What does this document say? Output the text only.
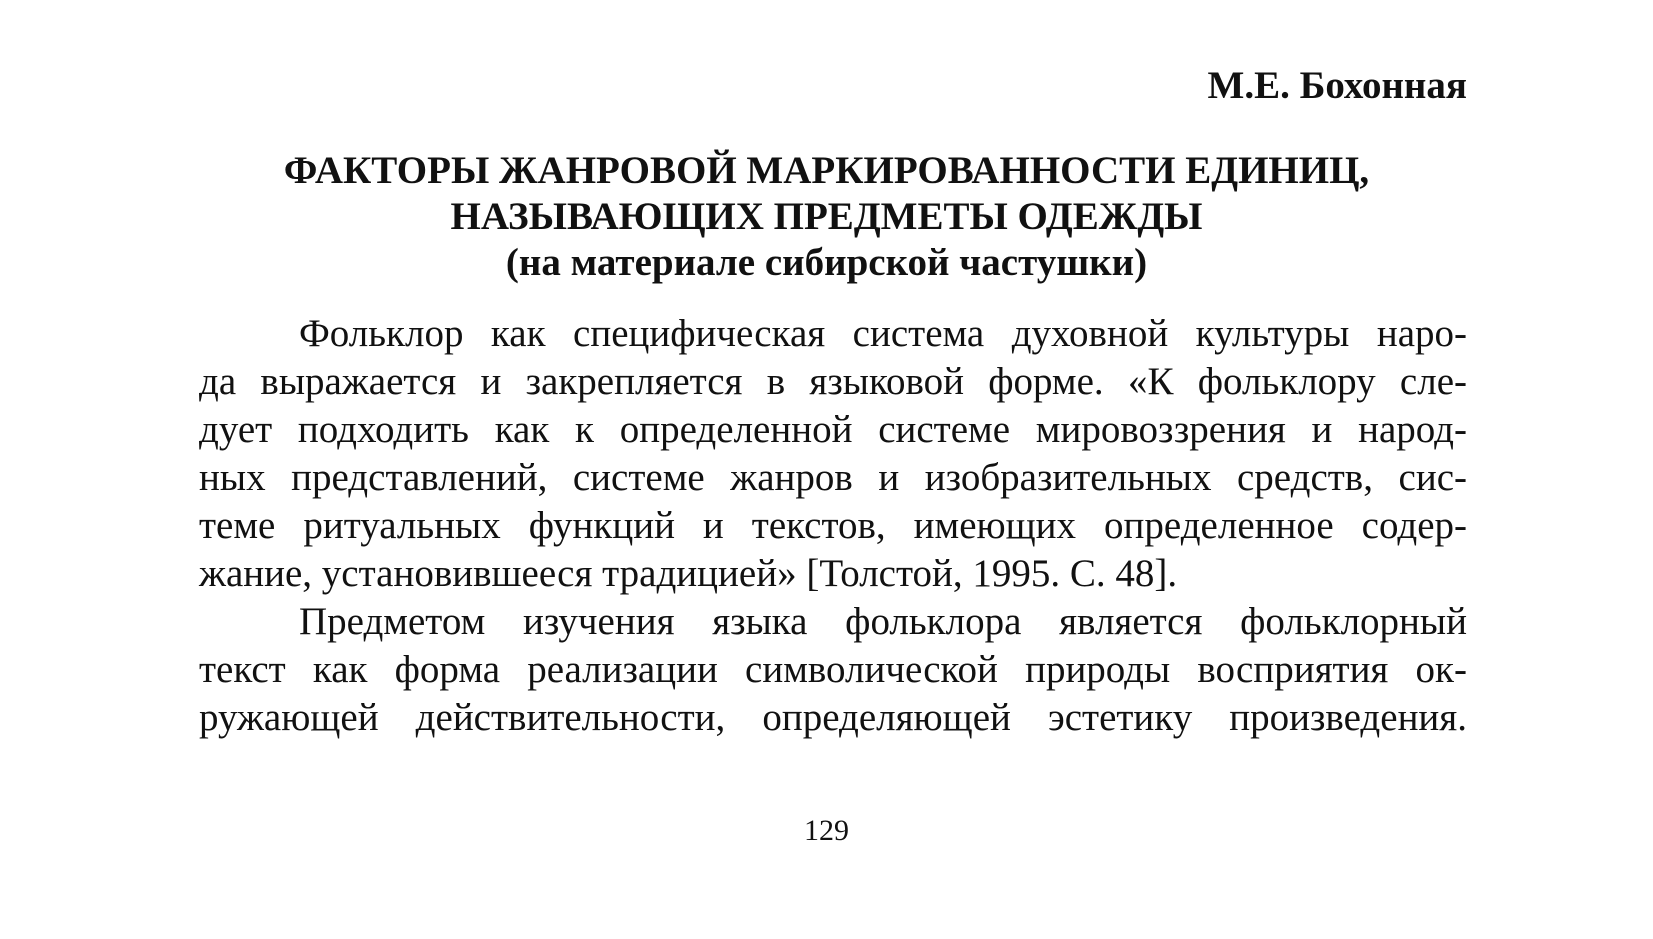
М.Е. Бохонная
ФАКТОРЫ ЖАНРОВОЙ МАРКИРОВАННОСТИ ЕДИНИЦ,
НАЗЫВАЮЩИХ ПРЕДМЕТЫ ОДЕЖДЫ
(на материале сибирской частушки)
Фольклор как специфическая система духовной культуры наро-
да выражается и закрепляется в языковой форме. «К фольклору сле-
дует подходить как к определенной системе мировоззрения и народ-
ных представлений, системе жанров и изобразительных средств, сис-
теме ритуальных функций и текстов, имеющих определенное содер-
жание, установившееся традицией» [Толстой, 1995. С. 48].
Предметом изучения языка фольклора является фольклорный
текст как форма реализации символической природы восприятия ок-
ружающей действительности, определяющей эстетику произведения.
129
